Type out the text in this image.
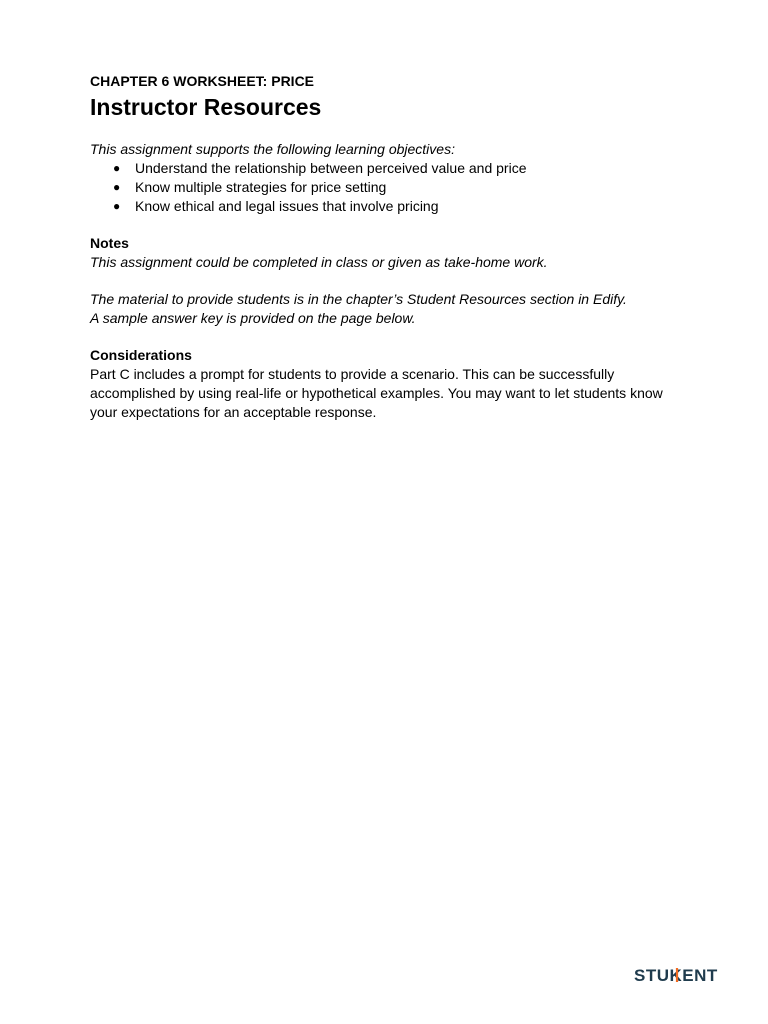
CHAPTER 6 WORKSHEET: PRICE

Instructor Resources

This assignment supports the following learning objectives:

● Understand the relationship between perceived value and price
● Know multiple strategies for price setting
● Know ethical and legal issues that involve pricing

Notes

This assignment could be completed in class or given as take-home work.

The material to provide students is in the chapter’s Student Resources section in Edify.

A sample answer key is provided on the page below.

Considerations

Part C includes a prompt for students to provide a scenario. This can be successfully accomplished by using real-life or hypothetical examples. You may want to let students know your expectations for an acceptable response.

STUKENT
